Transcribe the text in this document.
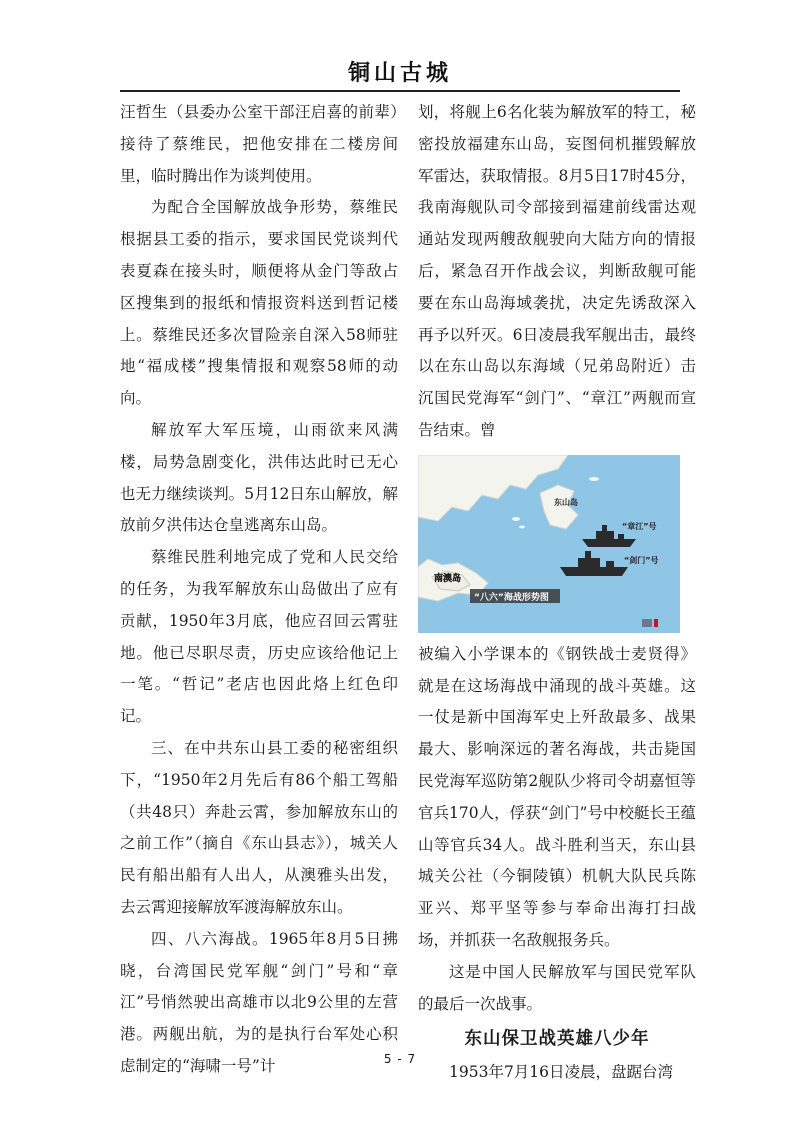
铜山古城

汪哲生（县委办公室干部汪启喜的前辈）接待了蔡维民，把他安排在二楼房间里，临时腾出作为谈判使用。

为配合全国解放战争形势，蔡维民根据县工委的指示，要求国民党谈判代表夏森在接头时，顺便将从金门等敌占区搜集到的报纸和情报资料送到哲记楼上。蔡维民还多次冒险亲自深入58师驻地“福成楼”搜集情报和观察58师的动向。

解放军大军压境，山雨欲来风满楼，局势急剧变化，洪伟达此时已无心也无力继续谈判。5月12日东山解放，解放前夕洪伟达仓皇逃离东山岛。

蔡维民胜利地完成了党和人民交给的任务，为我军解放东山岛做出了应有贡献，1950年3月底，他应召回云霄驻地。他已尽职尽责，历史应该给他记上一笔。“哲记”老店也因此烙上红色印记。

三、在中共东山县工委的秘密组织下，“1950年2月先后有86个船工驾船（共48只）奔赴云霄，参加解放东山的之前工作”（摘自《东山县志》），城关人民有船出船有人出人，从澳雅头出发，去云霄迎接解放军渡海解放东山。

四、八六海战。1965年8月5日拂晓，台湾国民党军舰“剑门”号和“章江”号悄然驶出高雄市以北9公里的左营港。两舰出航，为的是执行台军处心积虑制定的“海啸一号”计

划，将舰上6名化装为解放军的特工，秘密投放福建东山岛，妄图伺机摧毁解放军雷达，获取情报。8月5日17时45分，我南海舰队司令部接到福建前线雷达观通站发现两艘敌舰驶向大陆方向的情报后，紧急召开作战会议，判断敌舰可能要在东山岛海域袭扰，决定先诱敌深入再予以歼灭。6日凌晨我军舰出击，最终以在东山岛以东海域（兄弟岛附近）击沉国民党海军“剑门”、“章江”两舰而宣告结束。曾

东山岛
“章江”号
“剑门”号
南澳岛
“八六”海战形势图

被编入小学课本的《钢铁战士麦贤得》就是在这场海战中涌现的战斗英雄。这一仗是新中国海军史上歼敌最多、战果最大、影响深远的著名海战，共击毙国民党海军巡防第2舰队少将司令胡嘉恒等官兵170人，俘获“剑门”号中校艇长王蕴山等官兵34人。战斗胜利当天，东山县城关公社（今铜陵镇）机帆大队民兵陈亚兴、郑平坚等参与奉命出海打扫战场，并抓获一名敌舰报务兵。

这是中国人民解放军与国民党军队的最后一次战事。

东山保卫战英雄八少年

1953年7月16日凌晨，盘踞台湾

5 - 7
